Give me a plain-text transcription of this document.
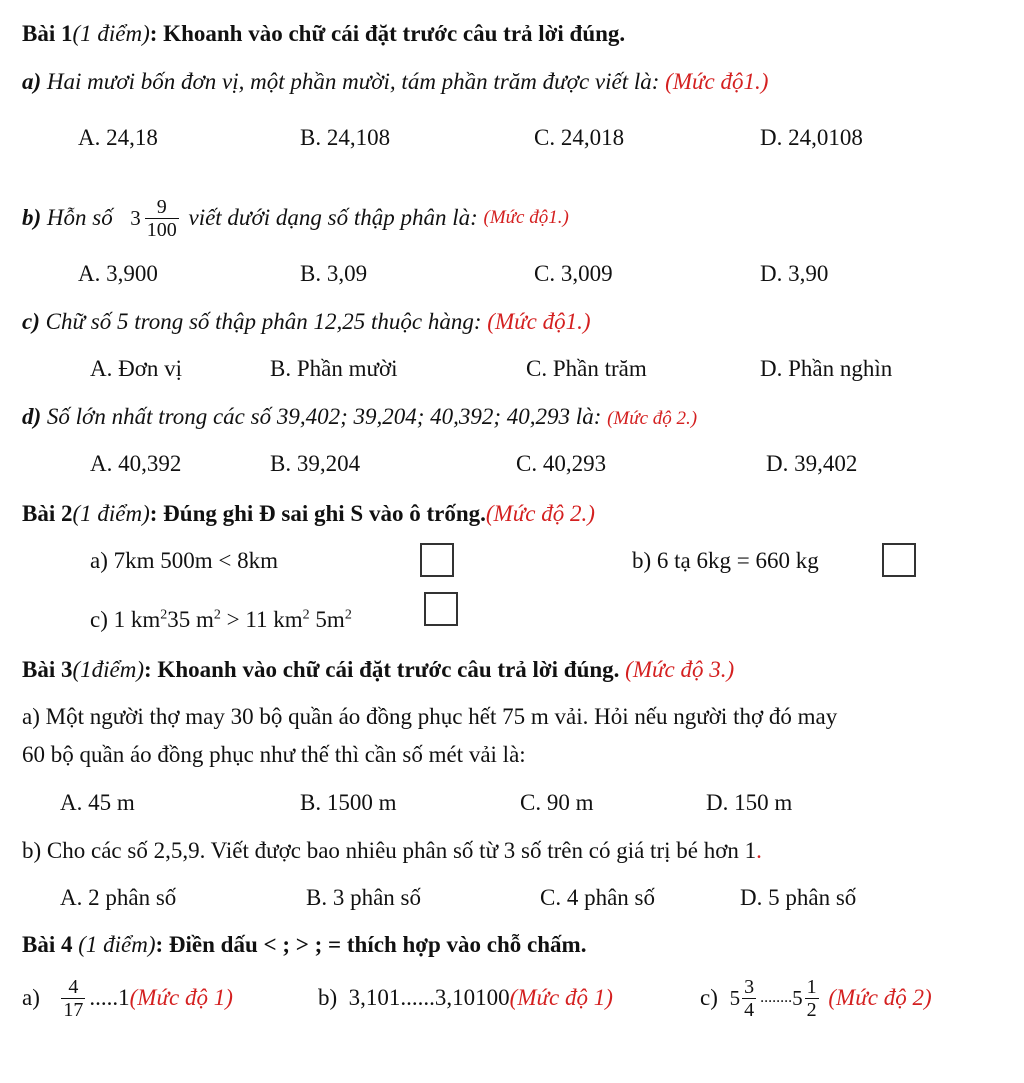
Bài 1(1 điểm): Khoanh vào chữ cái đặt trước câu trả lời đúng.
a) Hai mươi bốn đơn vị, một phần mười, tám phần trăm được viết là: (Mức độ1.)
A. 24,18	B. 24,108	C. 24,018	D. 24,0108
b)
Hỗn số
$3 \frac{9}{100}$
viết dưới dạng số thập phân là:
(Mức độ1.)
A. 3,900	B. 3,09	C. 3,009	D. 3,90
c) Chữ số 5 trong số thập phân 12,25 thuộc hàng: (Mức độ1.)
A. Đơn vị	B. Phần mười	C. Phần trăm	D. Phần nghìn
d) Số lớn nhất trong các số 39,402; 39,204; 40,392; 40,293 là: (Mức độ 2.)
A. 40,392	B. 39,204	C. 40,293	D. 39,402
Bài 2(1 điểm): Đúng ghi Đ sai ghi S vào ô trống.(Mức độ 2.)
a) 7km 500m < 8km	b) 6 tạ 6kg = 660 kg
c) 1 $km^235$ $m^2 > 11$ $km^2$ $5m^2$
Bài 3(1điểm): Khoanh vào chữ cái đặt trước câu trả lời đúng. (Mức độ 3.)
a) Một người thợ may 30 bộ quần áo đồng phục hết 75 m vải. Hỏi nếu người thợ đó may
60 bộ quần áo đồng phục như thế thì cần số mét vải là:
A. 45 m	B. 1500 m	C. 90 m	D. 150 m
b) Cho các số 2,5,9. Viết được bao nhiêu phân số từ 3 số trên có giá trị bé hơn 1.
A. 2 phân số	B. 3 phân số	C. 4 phân số	D. 5 phân số
Bài 4 (1 điểm): Điền dấu < ; > ; = thích hợp vào chỗ chấm.
a)
$\frac{4}{17} .....1$ (Mức độ 1)	b)
3,101......3,10100 (Mức độ 1)	c)
$5 \frac{3}{4}$ ........ $5 \frac{1}{2}$
(Mức độ 2)
